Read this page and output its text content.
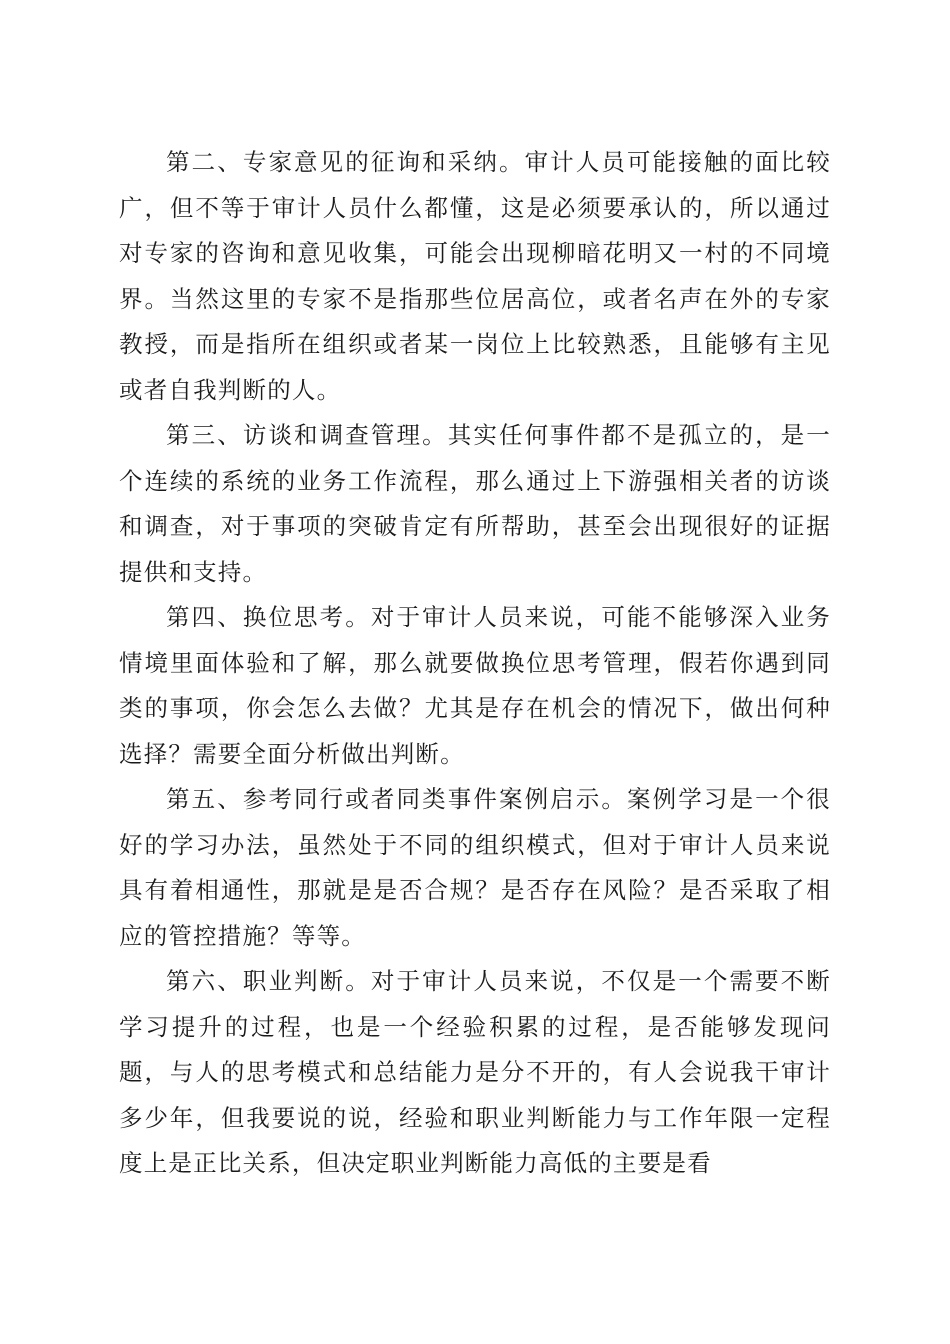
第二、专家意见的征询和采纳。审计人员可能接触的面比较广，但不等于审计人员什么都懂，这是必须要承认的，所以通过对专家的咨询和意见收集，可能会出现柳暗花明又一村的不同境界。当然这里的专家不是指那些位居高位，或者名声在外的专家教授，而是指所在组织或者某一岗位上比较熟悉，且能够有主见或者自我判断的人。

第三、访谈和调查管理。其实任何事件都不是孤立的，是一个连续的系统的业务工作流程，那么通过上下游强相关者的访谈和调查，对于事项的突破肯定有所帮助，甚至会出现很好的证据提供和支持。

第四、换位思考。对于审计人员来说，可能不能够深入业务情境里面体验和了解，那么就要做换位思考管理，假若你遇到同类的事项，你会怎么去做？尤其是存在机会的情况下，做出何种选择？需要全面分析做出判断。

第五、参考同行或者同类事件案例启示。案例学习是一个很好的学习办法，虽然处于不同的组织模式，但对于审计人员来说具有着相通性，那就是是否合规？是否存在风险？是否采取了相应的管控措施？等等。

第六、职业判断。对于审计人员来说，不仅是一个需要不断学习提升的过程，也是一个经验积累的过程，是否能够发现问题，与人的思考模式和总结能力是分不开的，有人会说我干审计多少年，但我要说的说，经验和职业判断能力与工作年限一定程度上是正比关系，但决定职业判断能力高低的主要是看
